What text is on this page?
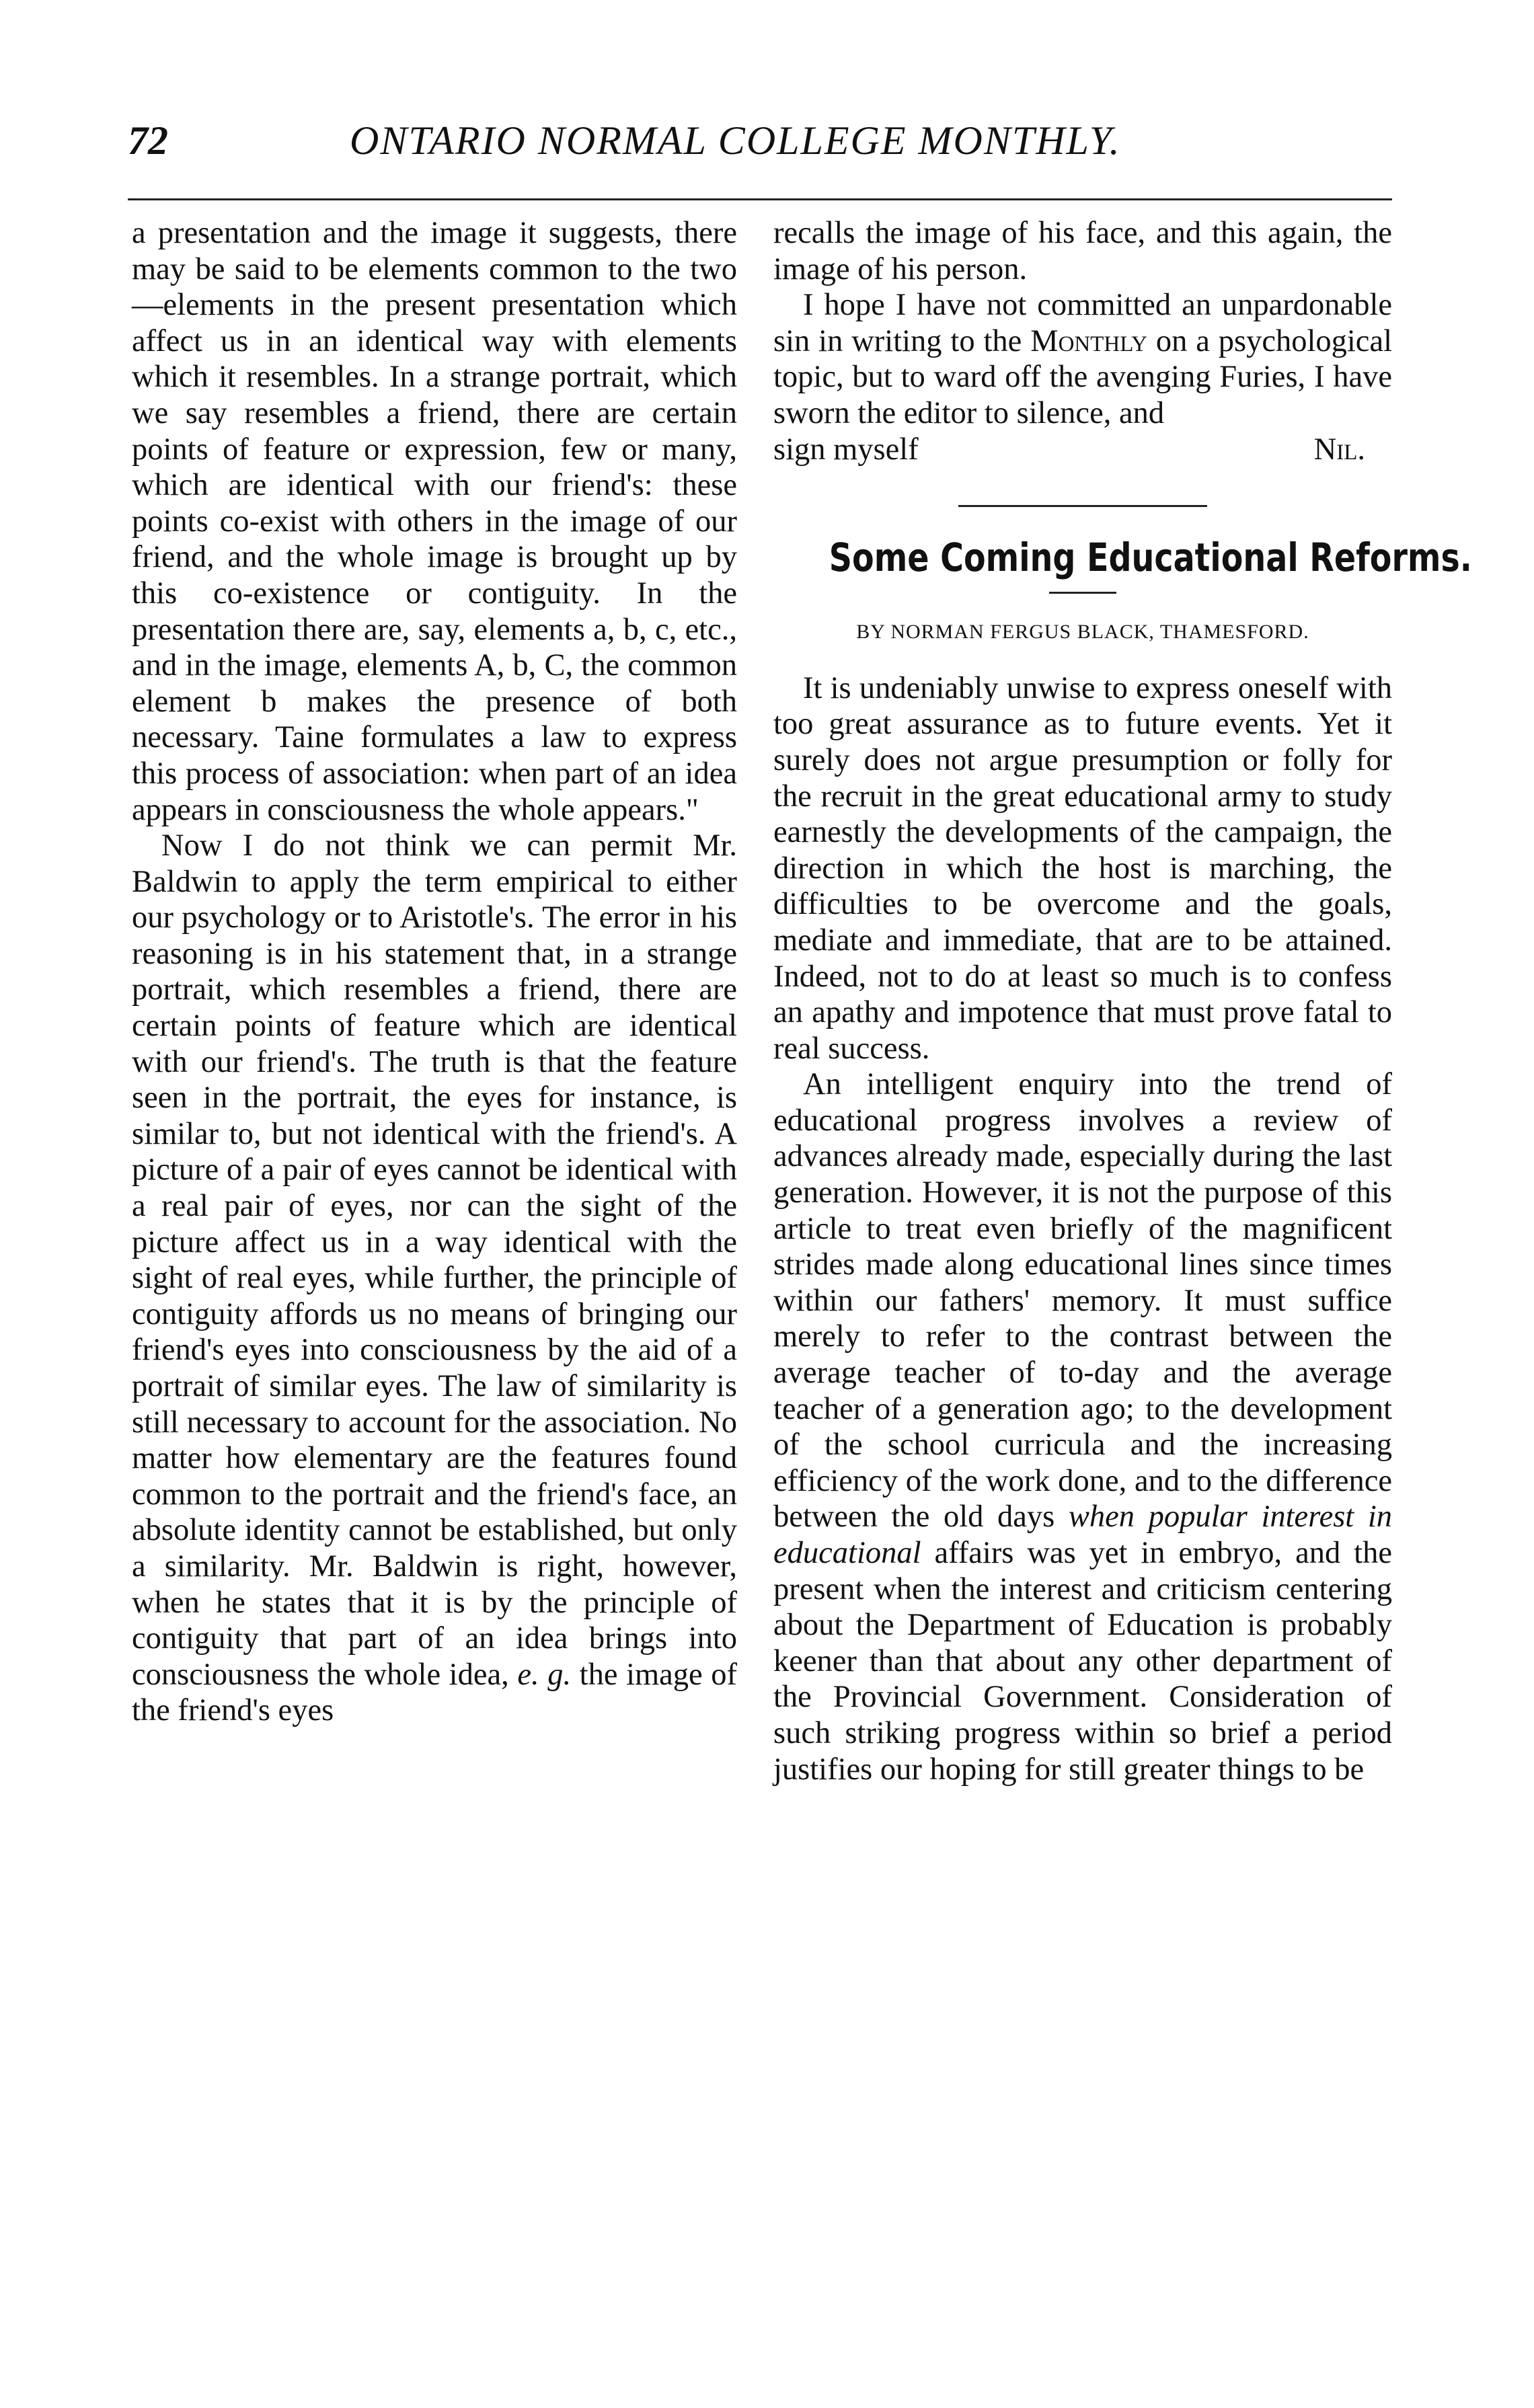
72	ONTARIO NORMAL COLLEGE MONTHLY.

a presentation and the image it suggests, there may be said to be elements common to the two—elements in the present presentation which affect us in an identical way with elements which it resembles. In a strange portrait, which we say resembles a friend, there are certain points of feature or expression, few or many, which are identical with our friend's: these points co-exist with others in the image of our friend, and the whole image is brought up by this co-existence or contiguity. In the presentation there are, say, elements a, b, c, etc., and in the image, elements A, b, C, the common element b makes the presence of both necessary. Taine formulates a law to express this process of association: when part of an idea appears in consciousness the whole appears."

Now I do not think we can permit Mr. Baldwin to apply the term empirical to either our psychology or to Aristotle's. The error in his reasoning is in his statement that, in a strange portrait, which resembles a friend, there are certain points of feature which are identical with our friend's. The truth is that the feature seen in the portrait, the eyes for instance, is similar to, but not identical with the friend's. A picture of a pair of eyes cannot be identical with a real pair of eyes, nor can the sight of the picture affect us in a way identical with the sight of real eyes, while further, the principle of contiguity affords us no means of bringing our friend's eyes into consciousness by the aid of a portrait of similar eyes. The law of similarity is still necessary to account for the association. No matter how elementary are the features found common to the portrait and the friend's face, an absolute identity cannot be established, but only a similarity. Mr. Baldwin is right, however, when he states that it is by the principle of contiguity that part of an idea brings into consciousness the whole idea, e. g. the image of the friend's eyes

recalls the image of his face, and this again, the image of his person.

I hope I have not committed an unpardonable sin in writing to the Monthly on a psychological topic, but to ward off the avenging Furies, I have sworn the editor to silence, and

sign myself	Nil.
Some Coming Educational Reforms.
BY NORMAN FERGUS BLACK, THAMESFORD.

It is undeniably unwise to express oneself with too great assurance as to future events. Yet it surely does not argue presumption or folly for the recruit in the great educational army to study earnestly the developments of the campaign, the direction in which the host is marching, the difficulties to be overcome and the goals, mediate and immediate, that are to be attained. Indeed, not to do at least so much is to confess an apathy and impotence that must prove fatal to real success.

An intelligent enquiry into the trend of educational progress involves a review of advances already made, especially during the last generation. However, it is not the purpose of this article to treat even briefly of the magnificent strides made along educational lines since times within our fathers' memory. It must suffice merely to refer to the contrast between the average teacher of to-day and the average teacher of a generation ago; to the development of the school curricula and the increasing efficiency of the work done, and to the difference between the old days when popular interest in educational affairs was yet in embryo, and the present when the interest and criticism centering about the Department of Education is probably keener than that about any other department of the Provincial Government. Consideration of such striking progress within so brief a period justifies our hoping for still greater things to be
